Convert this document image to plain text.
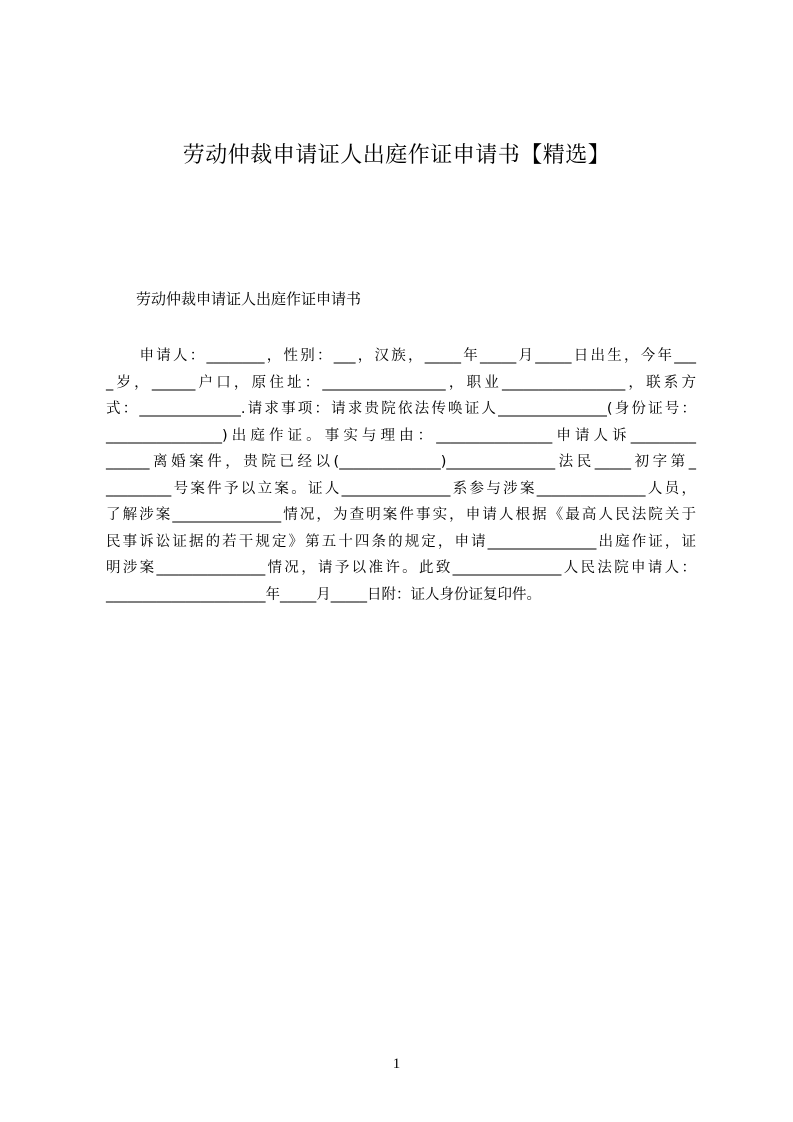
劳动仲裁申请证人出庭作证申请书【精选】
劳动仲裁申请证人出庭作证申请书
　　申请人：________，性别：___，汉族，_____年_____月_____日出生，今年___
_岁，______户口，原住址：_________________，职业_________________，联系方
式：______________.请求事项：请求贵院依法传唤证人_______________(身份证号：
________________)出庭作证。事实与理由：________________申请人诉_________
______离婚案件，贵院已经以(______________)_______________法民_____初字第_
_________号案件予以立案。证人_______________系参与涉案_______________人员，
了解涉案_______________情况，为查明案件事实，申请人根据《最高人民法院关于
民事诉讼证据的若干规定》第五十四条的规定，申请_______________出庭作证，证
明涉案_______________情况，请予以准许。此致_______________人民法院申请人：
______________________年_____月_____日附：证人身份证复印件。
1
